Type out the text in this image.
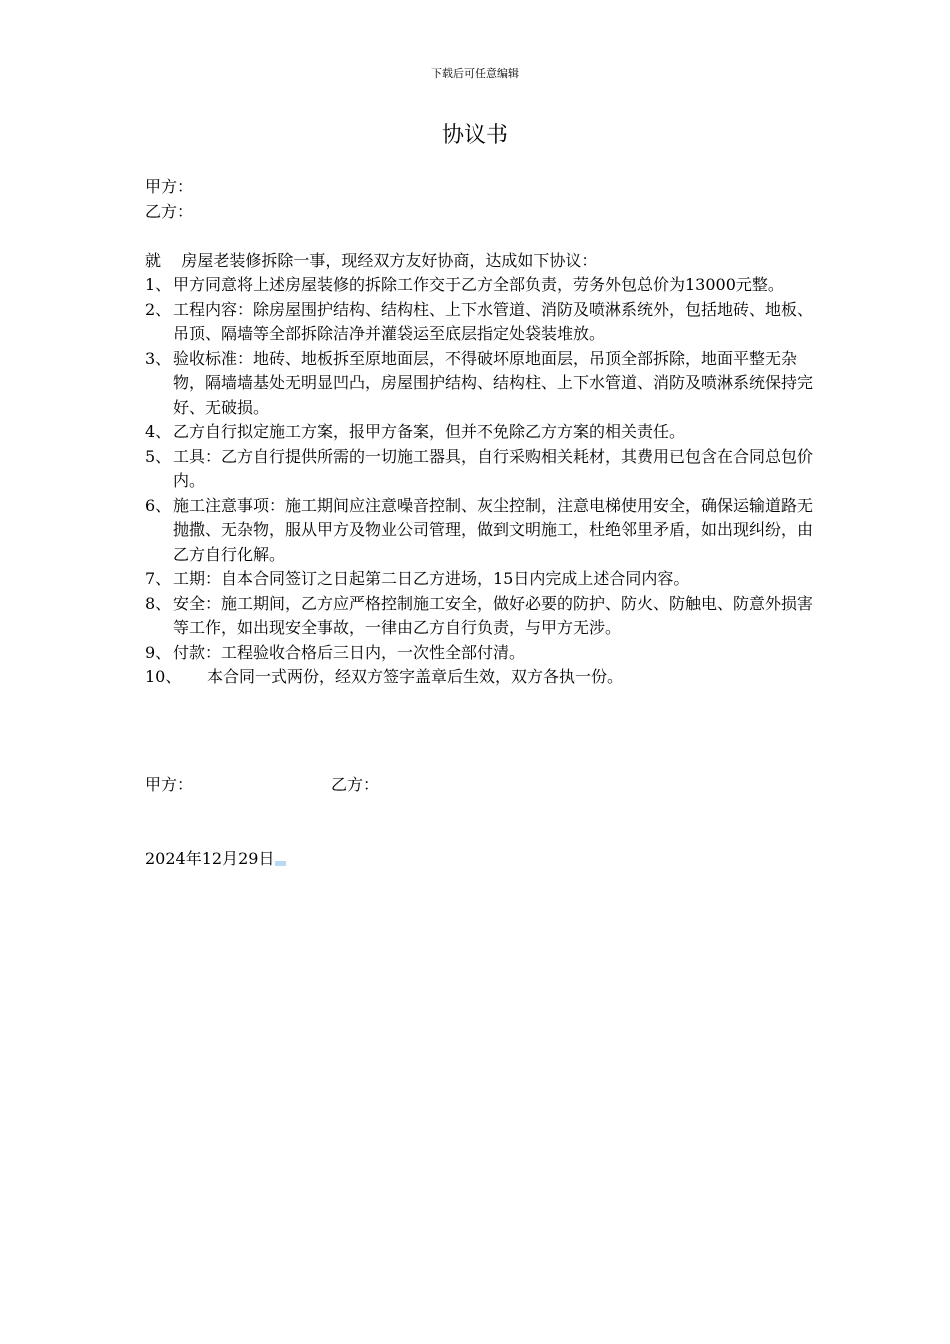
下载后可任意编辑
协议书
甲方：
乙方：
就    房屋老装修拆除一事，现经双方友好协商，达成如下协议：
1、 甲方同意将上述房屋装修的拆除工作交于乙方全部负责，劳务外包总价为13000元整。
2、 工程内容：除房屋围护结构、结构柱、上下水管道、消防及喷淋系统外，包括地砖、地板、吊顶、隔墙等全部拆除洁净并灌袋运至底层指定处袋装堆放。
3、 验收标准：地砖、地板拆至原地面层，不得破坏原地面层，吊顶全部拆除，地面平整无杂物，隔墙墙基处无明显凹凸，房屋围护结构、结构柱、上下水管道、消防及喷淋系统保持完好、无破损。
4、 乙方自行拟定施工方案，报甲方备案，但并不免除乙方方案的相关责任。
5、 工具：乙方自行提供所需的一切施工器具，自行采购相关耗材，其费用已包含在合同总包价内。
6、 施工注意事项：施工期间应注意噪音控制、灰尘控制，注意电梯使用安全，确保运输道路无抛撒、无杂物，服从甲方及物业公司管理，做到文明施工，杜绝邻里矛盾，如出现纠纷，由乙方自行化解。
7、 工期：自本合同签订之日起第二日乙方进场，15日内完成上述合同内容。
8、 安全：施工期间，乙方应严格控制施工安全，做好必要的防护、防火、防触电、防意外损害等工作，如出现安全事故，一律由乙方自行负责，与甲方无涉。
9、 付款：工程验收合格后三日内，一次性全部付清。
10、	本合同一式两份，经双方签字盖章后生效，双方各执一份。
甲方：	乙方：
2024年12月29日
